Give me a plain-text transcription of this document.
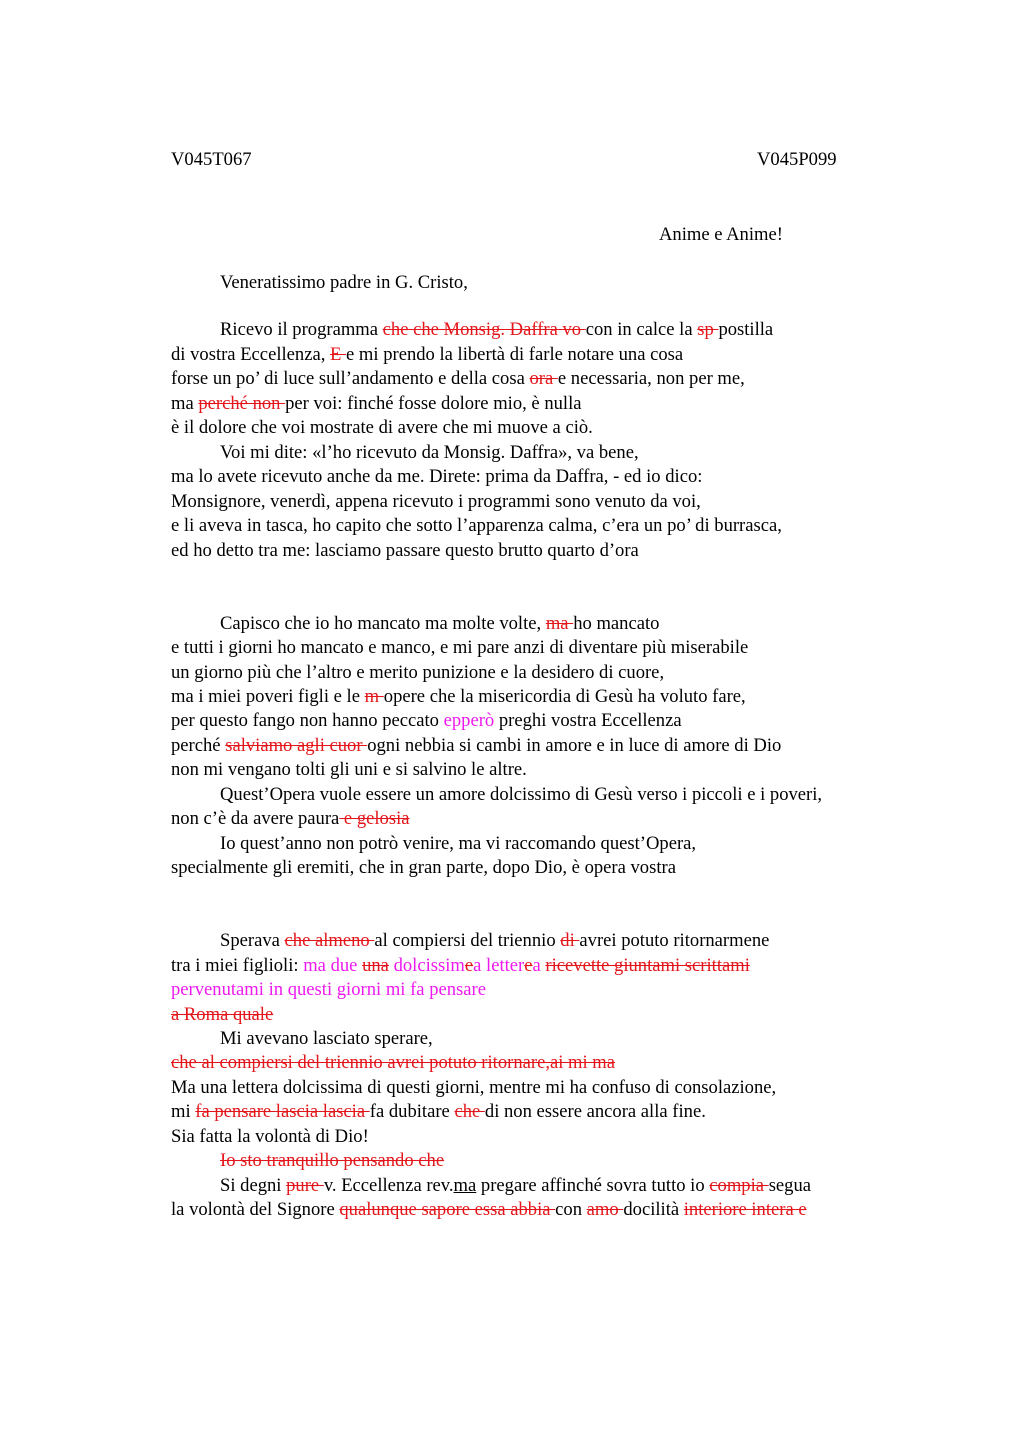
V045T067	V045P099
Anime e Anime!
Veneratissimo padre in G. Cristo,
Ricevo il programma che che Monsig. Daffra vo con in calce la sp postilla
di vostra Eccellenza, E e mi prendo la libertà di farle notare una cosa
forse un po’ di luce sull’andamento e della cosa ora e necessaria, non per me,
ma perché non per voi: finché fosse dolore mio, è nulla
è il dolore che voi mostrate di avere che mi muove a ciò.
Voi mi dite: «l’ho ricevuto da Monsig. Daffra», va bene,
ma lo avete ricevuto anche da me. Direte: prima da Daffra, - ed io dico:
Monsignore, venerdì, appena ricevuto i programmi sono venuto da voi,
e li aveva in tasca, ho capito che sotto l’apparenza calma, c’era un po’ di burrasca,
ed ho detto tra me: lasciamo passare questo brutto quarto d’ora
Capisco che io ho mancato ma molte volte, ma ho mancato
e tutti i giorni ho mancato e manco, e mi pare anzi di diventare più miserabile
un giorno più che l’altro e merito punizione e la desidero di cuore,
ma i miei poveri figli e le m opere che la misericordia di Gesù ha voluto fare,
per questo fango non hanno peccato epperò preghi vostra Eccellenza
perché salviamo agli cuor ogni nebbia si cambi in amore e in luce di amore di Dio
non mi vengano tolti gli uni e si salvino le altre.
Quest’Opera vuole essere un amore dolcissimo di Gesù verso i piccoli e i poveri,
non c’è da avere paura e gelosia
Io quest’anno non potrò venire, ma vi raccomando quest’Opera,
specialmente gli eremiti, che in gran parte, dopo Dio, è opera vostra
Sperava che almeno al compiersi del triennio di avrei potuto ritornarmene
tra i miei figlioli: ma due una dolcissimea letterea ricevette giuntami scrittami
pervenutami in questi giorni mi fa pensare
a Roma quale
Mi avevano lasciato sperare,
che al compiersi del triennio avrei potuto ritornare,ai mi ma
Ma una lettera dolcissima di questi giorni, mentre mi ha confuso di consolazione,
mi fa pensare lascia lascia fa dubitare che di non essere ancora alla fine.
Sia fatta la volontà di Dio!
Io sto tranquillo pensando che
Si degni pure v. Eccellenza rev.ma pregare affinché sovra tutto io compia segua
la volontà del Signore qualunque sapore essa abbia con amo docilità interiore intera e
